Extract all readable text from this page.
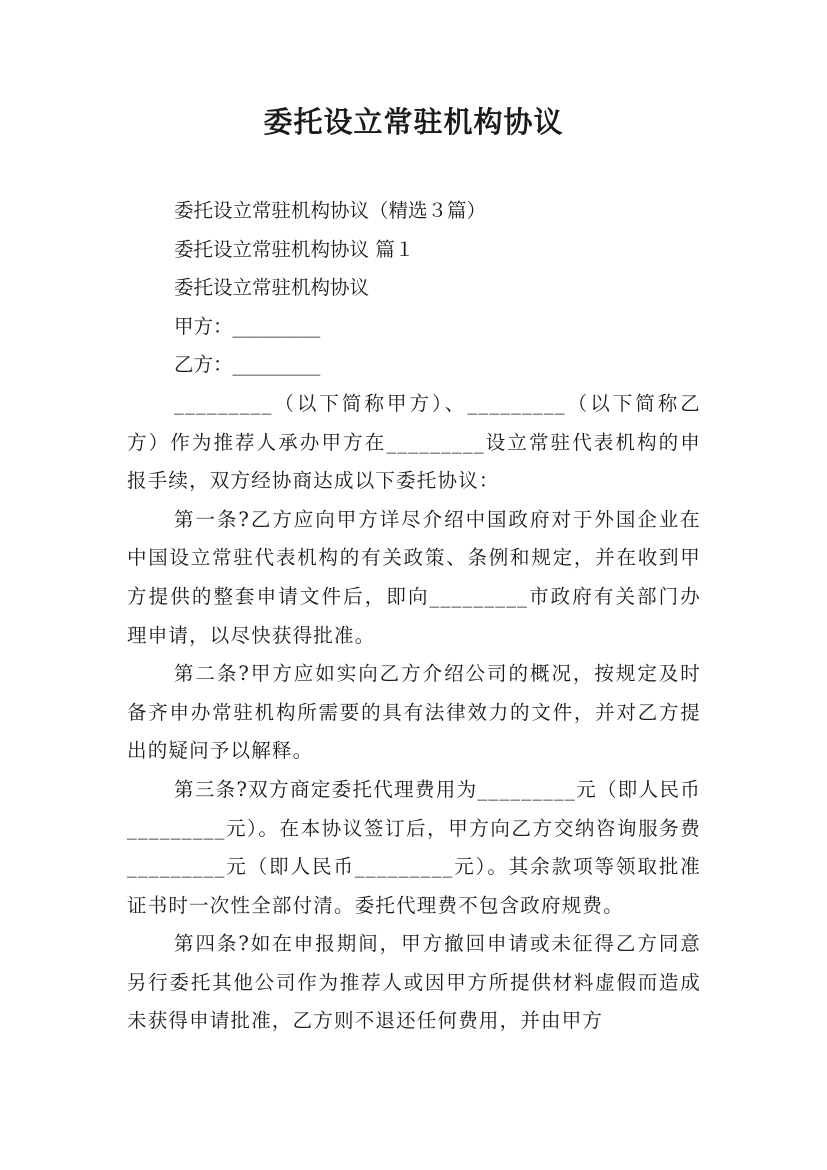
委托设立常驻机构协议
委托设立常驻机构协议（精选３篇）
委托设立常驻机构协议 篇１
委托设立常驻机构协议
甲方：_________
乙方：_________
_________（以下简称甲方）、_________（以下简称乙方）作为推荐人承办甲方在_________设立常驻代表机构的申报手续，双方经协商达成以下委托协议：
第一条?乙方应向甲方详尽介绍中国政府对于外国企业在中国设立常驻代表机构的有关政策、条例和规定，并在收到甲方提供的整套申请文件后，即向_________市政府有关部门办理申请，以尽快获得批准。
第二条?甲方应如实向乙方介绍公司的概况，按规定及时备齐申办常驻机构所需要的具有法律效力的文件，并对乙方提出的疑问予以解释。
第三条?双方商定委托代理费用为_________元（即人民币_________元）。在本协议签订后，甲方向乙方交纳咨询服务费_________元（即人民币_________元）。其余款项等领取批准证书时一次性全部付清。委托代理费不包含政府规费。
第四条?如在申报期间，甲方撤回申请或未征得乙方同意另行委托其他公司作为推荐人或因甲方所提供材料虚假而造成未获得申请批准，乙方则不退还任何费用，并由甲方
